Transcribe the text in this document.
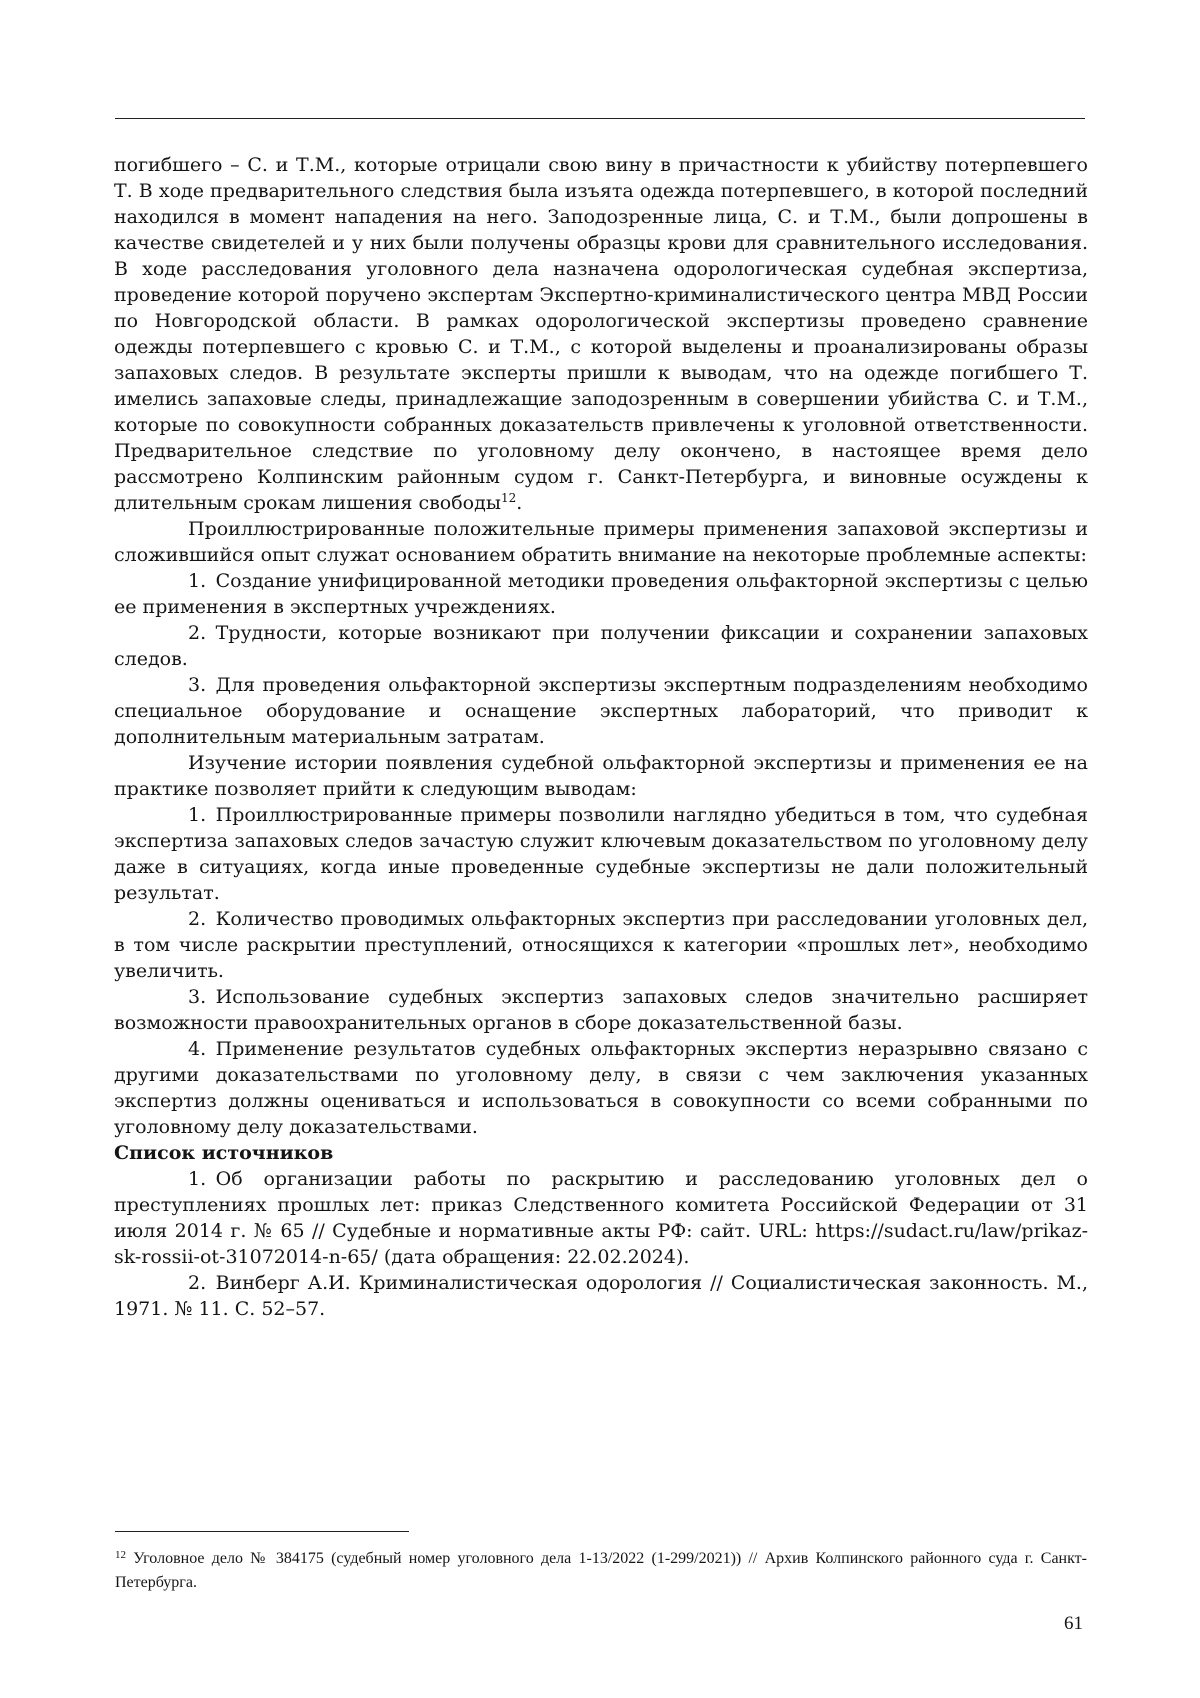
погибшего – С. и Т.М., которые отрицали свою вину в причастности к убийству потерпевшего Т. В ходе предварительного следствия была изъята одежда потерпевшего, в которой последний находился в момент нападения на него. Заподозренные лица, С. и Т.М., были допрошены в качестве свидетелей и у них были получены образцы крови для сравнительного исследования. В ходе расследования уголовного дела назначена одорологическая судебная экспертиза, проведение которой поручено экспертам Экспертно-криминалистического центра МВД России по Новгородской области. В рамках одорологической экспертизы проведено сравнение одежды потерпевшего с кровью С. и Т.М., с которой выделены и проанализированы образы запаховых следов. В результате эксперты пришли к выводам, что на одежде погибшего Т. имелись запаховые следы, принадлежащие заподозренным в совершении убийства С. и Т.М., которые по совокупности собранных доказательств привлечены к уголовной ответственности. Предварительное следствие по уголовному делу окончено, в настоящее время дело рассмотрено Колпинским районным судом г. Санкт-Петербурга, и виновные осуждены к длительным срокам лишения свободы12.

Проиллюстрированные положительные примеры применения запаховой экспертизы и сложившийся опыт служат основанием обратить внимание на некоторые проблемные аспекты:

1. Создание унифицированной методики проведения ольфакторной экспертизы с целью ее применения в экспертных учреждениях.

2. Трудности, которые возникают при получении фиксации и сохранении запаховых следов.

3. Для проведения ольфакторной экспертизы экспертным подразделениям необходимо специальное оборудование и оснащение экспертных лабораторий, что приводит к дополнительным материальным затратам.

Изучение истории появления судебной ольфакторной экспертизы и применения ее на практике позволяет прийти к следующим выводам:

1. Проиллюстрированные примеры позволили наглядно убедиться в том, что судебная экспертиза запаховых следов зачастую служит ключевым доказательством по уголовному делу даже в ситуациях, когда иные проведенные судебные экспертизы не дали положительный результат.

2. Количество проводимых ольфакторных экспертиз при расследовании уголовных дел, в том числе раскрытии преступлений, относящихся к категории «прошлых лет», необходимо увеличить.

3. Использование судебных экспертиз запаховых следов значительно расширяет возможности правоохранительных органов в сборе доказательственной базы.

4. Применение результатов судебных ольфакторных экспертиз неразрывно связано с другими доказательствами по уголовному делу, в связи с чем заключения указанных экспертиз должны оцениваться и использоваться в совокупности со всеми собранными по уголовному делу доказательствами.

Список источников

1. Об организации работы по раскрытию и расследованию уголовных дел о преступлениях прошлых лет: приказ Следственного комитета Российской Федерации от 31 июля 2014 г. № 65 // Судебные и нормативные акты РФ: сайт. URL: https://sudact.ru/law/prikaz-sk-rossii-ot-31072014-n-65/ (дата обращения: 22.02.2024).

2. Винберг А.И. Криминалистическая одорология // Социалистическая законность. М., 1971. № 11. С. 52–57.

12 Уголовное дело № 384175 (судебный номер уголовного дела 1-13/2022 (1-299/2021)) // Архив Колпинского районного суда г. Санкт-Петербурга.
61
